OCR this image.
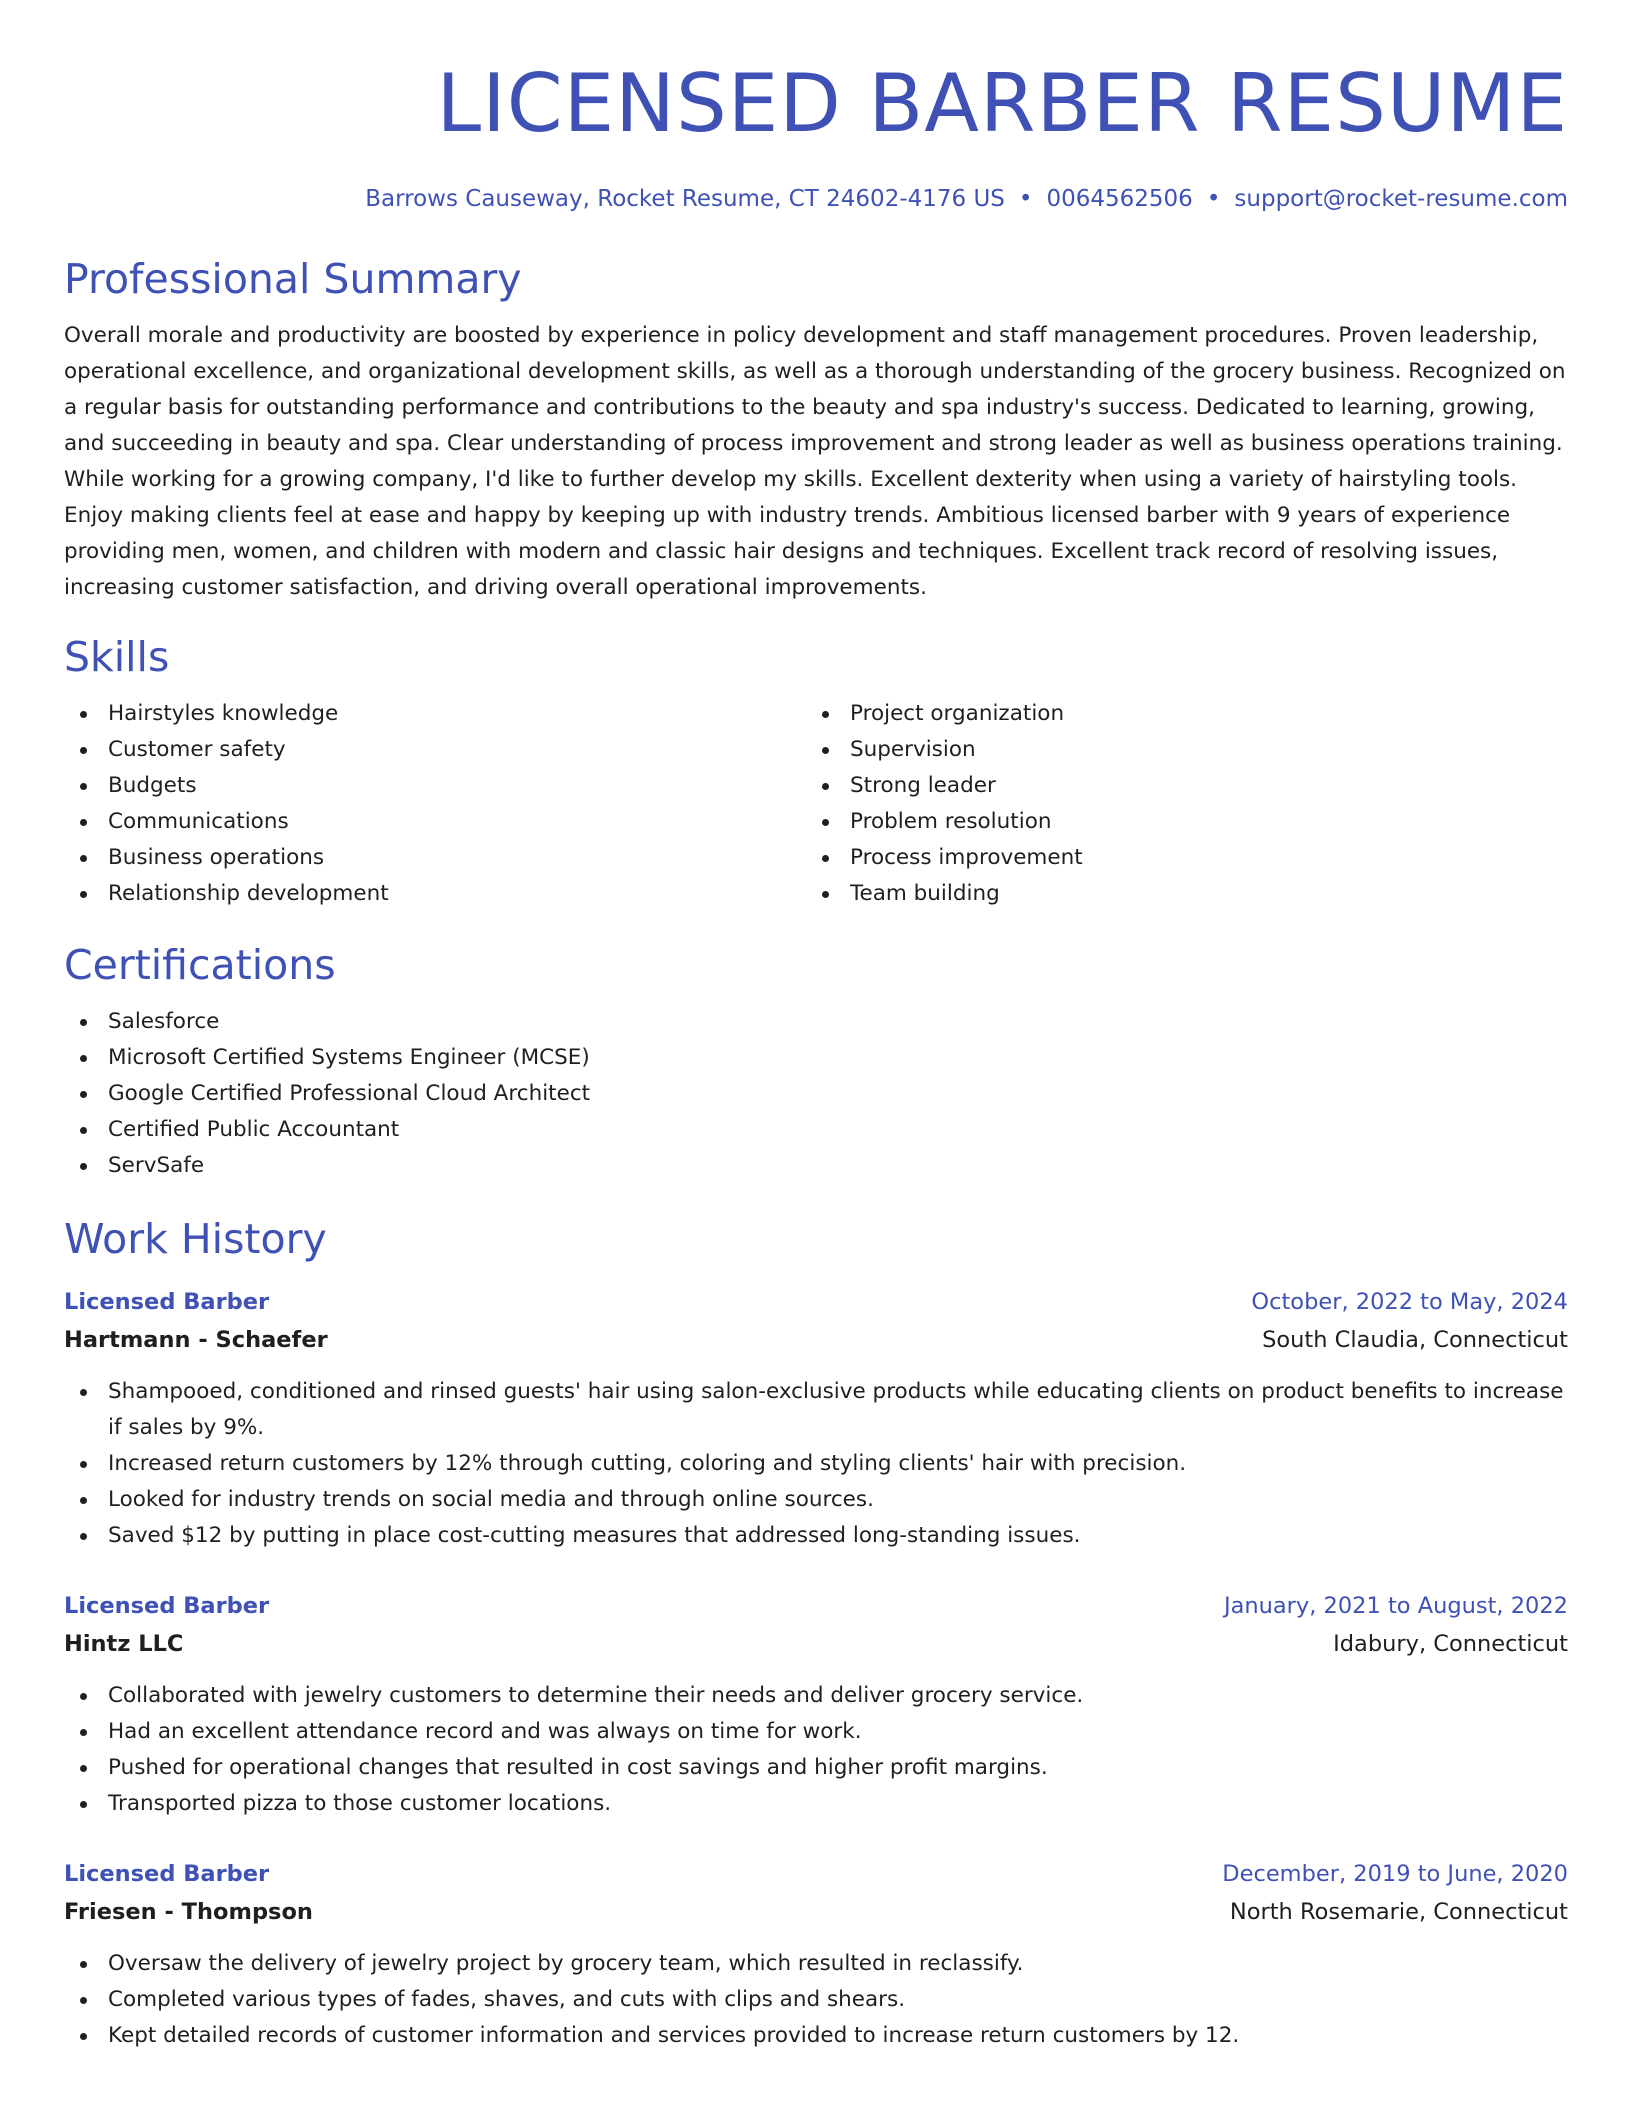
LICENSED BARBER RESUME
Barrows Causeway, Rocket Resume, CT 24602-4176 US • 0064562506 • support@rocket-resume.com
Professional Summary

Overall morale and productivity are boosted by experience in policy development and staff management procedures. Proven leadership, operational excellence, and organizational development skills, as well as a thorough understanding of the grocery business. Recognized on a regular basis for outstanding performance and contributions to the beauty and spa industry's success. Dedicated to learning, growing, and succeeding in beauty and spa. Clear understanding of process improvement and strong leader as well as business operations training. While working for a growing company, I'd like to further develop my skills. Excellent dexterity when using a variety of hairstyling tools. Enjoy making clients feel at ease and happy by keeping up with industry trends. Ambitious licensed barber with 9 years of experience providing men, women, and children with modern and classic hair designs and techniques. Excellent track record of resolving issues, increasing customer satisfaction, and driving overall operational improvements.

Skills
Hairstyles knowledge
Customer safety
Budgets
Communications
Business operations
Relationship development
Project organization
Supervision
Strong leader
Problem resolution
Process improvement
Team building
Certifications
Salesforce
Microsoft Certified Systems Engineer (MCSE)
Google Certified Professional Cloud Architect
Certified Public Accountant
ServSafe
Work History
Licensed Barber	October, 2022 to May, 2024
Hartmann - Schaefer	South Claudia, Connecticut
Shampooed, conditioned and rinsed guests' hair using salon-exclusive products while educating clients on product benefits to increase if sales by 9%.
Increased return customers by 12% through cutting, coloring and styling clients' hair with precision.
Looked for industry trends on social media and through online sources.
Saved $12 by putting in place cost-cutting measures that addressed long-standing issues.
Licensed Barber	January, 2021 to August, 2022
Hintz LLC	Idabury, Connecticut
Collaborated with jewelry customers to determine their needs and deliver grocery service.
Had an excellent attendance record and was always on time for work.
Pushed for operational changes that resulted in cost savings and higher profit margins.
Transported pizza to those customer locations.
Licensed Barber	December, 2019 to June, 2020
Friesen - Thompson	North Rosemarie, Connecticut
Oversaw the delivery of jewelry project by grocery team, which resulted in reclassify.
Completed various types of fades, shaves, and cuts with clips and shears.
Kept detailed records of customer information and services provided to increase return customers by 12.
